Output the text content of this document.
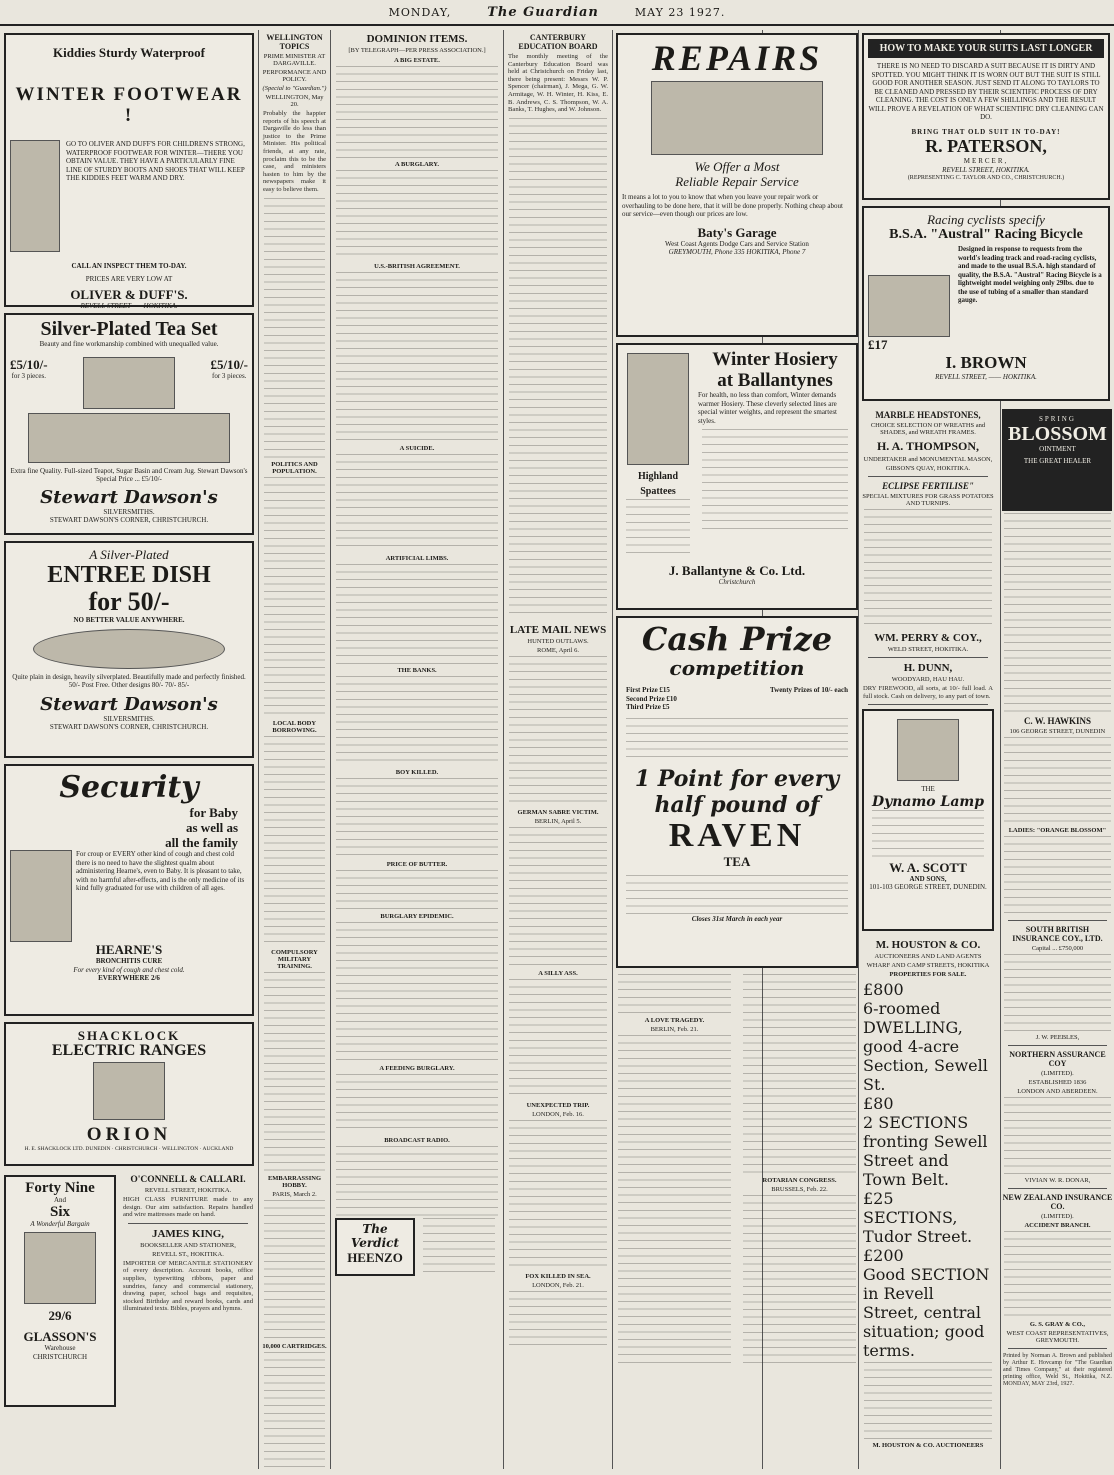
MONDAY,	The Guardian	MAY 23 1927.
Kiddies Sturdy Waterproof
WINTER FOOTWEAR !
GO TO OLIVER AND DUFF'S FOR CHILDREN'S STRONG, WATERPROOF FOOTWEAR FOR WINTER—THERE YOU OBTAIN VALUE. THEY HAVE A PARTICULARLY FINE LINE OF STURDY BOOTS AND SHOES THAT WILL KEEP THE KIDDIES FEET WARM AND DRY.
CALL AN INSPECT THEM TO-DAY.
PRICES ARE VERY LOW AT
OLIVER & DUFF'S.
REVELL STREET——HOKITIKA.
Silver-Plated Tea Set
Beauty and fine workmanship combined with unequalled value.
£5/10/-
for 3 pieces.
£5/10/-
for 3 pieces.
Extra fine Quality. Full-sized Teapot, Sugar Basin and Cream Jug. Stewart Dawson's Special Price ... £5/10/-
Stewart Dawson's
SILVERSMITHS.
STEWART DAWSON'S CORNER, CHRISTCHURCH.
A Silver-Plated
ENTREE DISH
for 50/-
NO BETTER VALUE ANYWHERE.
Quite plain in design, heavily silverplated. Beautifully made and perfectly finished. 50/- Post Free. Other designs 80/- 70/- 85/-
Stewart Dawson's
SILVERSMITHS.
STEWART DAWSON'S CORNER, CHRISTCHURCH.
Security
for Baby
as well as
all the family
For croup or EVERY other kind of cough and chest cold there is no need to have the slightest qualm about administering Hearne's, even to Baby. It is pleasant to take, with no harmful after-effects, and is the only medicine of its kind fully graduated for use with children of all ages.
HEARNE'S
BRONCHITIS CURE
For every kind of cough and chest cold.
EVERYWHERE 2/6
SHACKLOCK
ELECTRIC RANGES
ORION
H. E. SHACKLOCK LTD. DUNEDIN · CHRISTCHURCH · WELLINGTON · AUCKLAND
Forty Nine
And
Six
A Wonderful Bargain
29/6
GLASSON'S
Warehouse
CHRISTCHURCH
O'CONNELL & CALLARI.
REVELL STREET, HOKITIKA.

HIGH CLASS FURNITURE made to any design. Our aim satisfaction. Repairs handled and wire mattresses made on hand.

JAMES KING,
BOOKSELLER AND STATIONER,
REVELL ST., HOKITIKA.

IMPORTER OF MERCANTILE STATIONERY of every description. Account books, office supplies, typewriting ribbons, paper and sundries, fancy and commercial stationery, drawing paper, school bags and requisites, stocked Birthday and reward books, cards and illuminated texts. Bibles, prayers and hymns.

WELLINGTON TOPICS
PRIME MINISTER AT DARGAVILLE.
PERFORMANCE AND POLICY.
(Special to "Guardian.")
WELLINGTON, May 20.

Probably the happier reports of his speech at Dargaville do less than justice to the Prime Minister. His political friends, at any rate, proclaim this to be the case, and ministers hasten to him by the newspapers make it easy to believe them.

POLITICS AND POPULATION.
LOCAL BODY BORROWING.
COMPULSORY MILITARY TRAINING.
EMBARRASSING HOBBY.
PARIS, March 2.
10,000 CARTRIDGES.
DOMINION ITEMS.
[BY TELEGRAPH—PER PRESS ASSOCIATION.]
A BIG ESTATE.
A BURGLARY.
U.S.-BRITISH AGREEMENT.
A SUICIDE.
ARTIFICIAL LIMBS.
THE BANKS.
BOY KILLED.
PRICE OF BUTTER.
BURGLARY EPIDEMIC.
A FEEDING BURGLARY.
BROADCAST RADIO.
The Verdict
HEENZO
CANTERBURY EDUCATION BOARD

The monthly meeting of the Canterbury Education Board was held at Christchurch on Friday last, there being present: Messrs W. P. Spencer (chairman), J. Mega, G. W. Armitage, W. H. Winter, H. Kiss, E. B. Andrews, C. S. Thompson, W. A. Banks, T. Hughes, and W. Johnson.

LATE MAIL NEWS
HUNTED OUTLAWS.
ROME, April 6.
GERMAN SABRE VICTIM.
BERLIN, April 5.
A SILLY ASS.
UNEXPECTED TRIP.
LONDON, Feb. 16.
FOX KILLED IN SEA.
LONDON, Feb. 21.
REPAIRS
We Offer a Most
Reliable Repair Service
It means a lot to you to know that when you leave your repair work or overhauling to be done here, that it will be done properly. Nothing cheap about our service—even though our prices are low.
Baty's Garage
West Coast Agents Dodge Cars and Service Station
GREYMOUTH, Phone 335 HOKITIKA, Phone 7
Highland Spattees
Winter Hosiery
at Ballantynes
For health, no less than comfort, Winter demands warmer Hosiery. These cleverly selected lines are special winter weights, and represent the smartest styles.
J. Ballantyne & Co. Ltd.
Christchurch
Cash Prize
competition
First Prize £15
Second Prize £10
Third Prize £5
Twenty Prizes of 10/- each
1 Point for every half pound of
RAVEN
TEA
Closes 31st March in each year
A LOVE TRAGEDY.
BERLIN, Feb. 21.
ROTARIAN CONGRESS.
BRUSSELS, Feb. 22.
HOW TO MAKE YOUR SUITS LAST LONGER
THERE IS NO NEED TO DISCARD A SUIT BECAUSE IT IS DIRTY AND SPOTTED. YOU MIGHT THINK IT IS WORN OUT BUT THE SUIT IS STILL GOOD FOR ANOTHER SEASON. JUST SEND IT ALONG TO TAYLORS TO BE CLEANED AND PRESSED BY THEIR SCIENTIFIC PROCESS OF DRY CLEANING. THE COST IS ONLY A FEW SHILLINGS AND THE RESULT WILL PROVE A REVELATION OF WHAT SCIENTIFIC DRY CLEANING CAN DO.
BRING THAT OLD SUIT IN TO-DAY!
R. PATERSON,
MERCER,
REVELL STREET, HOKITIKA.
(REPRESENTING C. TAYLOR AND CO., CHRISTCHURCH.)
Racing cyclists specify
B.S.A. "Austral" Racing Bicycle
£17
Designed in response to requests from the world's leading track and road-racing cyclists, and made to the usual B.S.A. high standard of quality, the B.S.A. "Austral" Racing Bicycle is a lightweight model weighing only 29lbs. due to the use of tubing of a smaller than standard gauge.
I. BROWN
REVELL STREET, —— HOKITIKA.
MARBLE HEADSTONES,
CHOICE SELECTION OF WREATHS and SHADES, and WREATH FRAMES.
H. A. THOMPSON,
UNDERTAKER and MONUMENTAL MASON,
GIBSON'S QUAY, HOKITIKA.
ECLIPSE FERTILISE"
SPECIAL MIXTURES FOR GRASS POTATOES AND TURNIPS.
WM. PERRY & COY.,
WELD STREET, HOKITIKA.
H. DUNN,
WOODYARD, HAU HAU.

DRY FIREWOOD, all sorts, at 10/- full load. A full stock. Cash on delivery, to any part of town.

THE
Dynamo Lamp
W. A. SCOTT
AND SONS,
101-103 GEORGE STREET, DUNEDIN.
M. HOUSTON & CO.
AUCTIONEERS AND LAND AGENTS
WHARF AND CAMP STREETS, HOKITIKA
PROPERTIES FOR SALE.
£800
6-roomed DWELLING, good 4-acre Section, Sewell St.
£80
2 SECTIONS fronting Sewell Street and Town Belt.
£25
SECTIONS, Tudor Street.
£200
Good SECTION in Revell Street, central situation; good terms.
M. HOUSTON & CO. AUCTIONEERS
SPRING
BLOSSOM
OINTMENT
THE GREAT HEALER
C. W. HAWKINS
106 GEORGE STREET, DUNEDIN
LADIES: "ORANGE BLOSSOM"
SOUTH BRITISH INSURANCE COY., LTD.
Capital ... £750,000
J. W. PEEBLES,
NORTHERN ASSURANCE COY
(LIMITED).
ESTABLISHED 1836
LONDON AND ABERDEEN.
VIVIAN W. R. DONAR,
NEW ZEALAND INSURANCE CO.
(LIMITED).
ACCIDENT BRANCH.
G. S. GRAY & CO.,
WEST COAST REPRESENTATIVES, GREYMOUTH.

Printed by Norman A. Brown and published by Arthur E. Hovcamp for "The Guardian and Times Company," at their registered printing office, Weld St., Hokitika, N.Z. MONDAY, MAY 23rd, 1927.
